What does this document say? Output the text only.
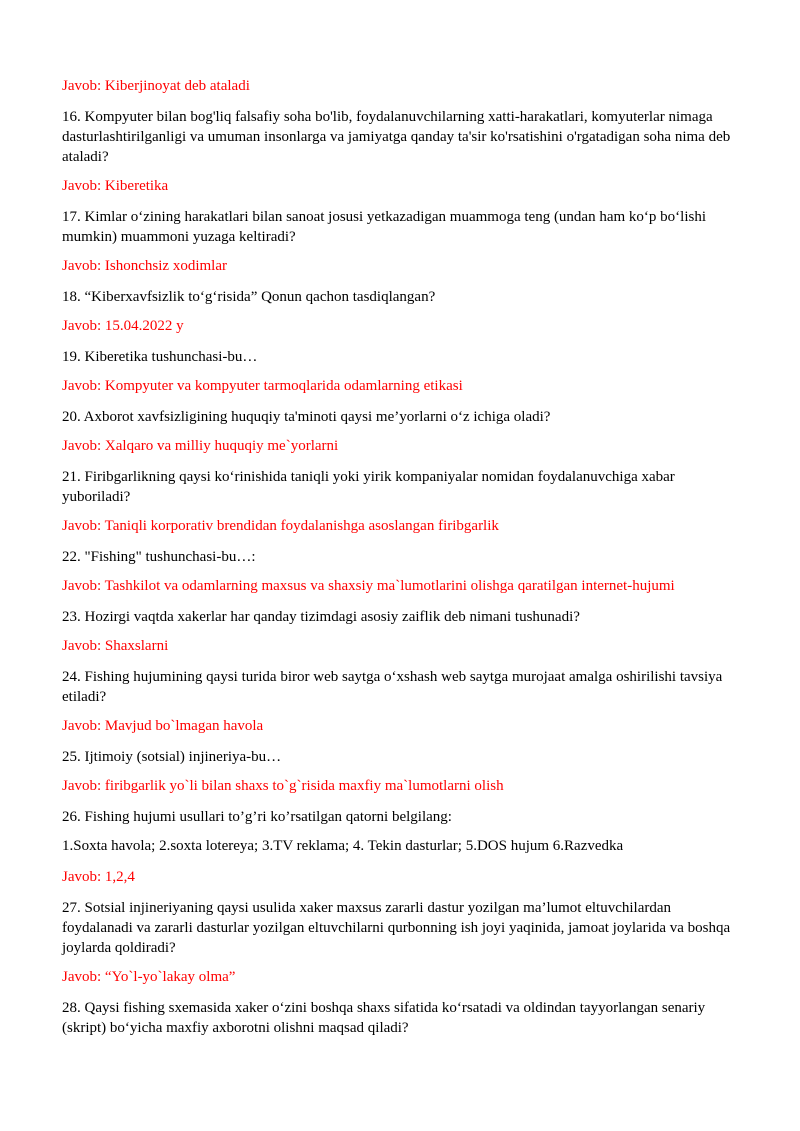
Javob: Kiberjinoyat deb ataladi

16. Kompyuter bilan bog'liq falsafiy soha bo'lib, foydalanuvchilarning xatti-harakatlari, komyuterlar nimaga dasturlashtirilganligi va umuman insonlarga va jamiyatga qanday ta'sir ko'rsatishini o'rgatadigan soha nima deb ataladi?

Javob: Kiberetika

17. Kimlar o‘zining harakatlari bilan sanoat josusi yetkazadigan muammoga teng (undan ham ko‘p bo‘lishi mumkin) muammoni yuzaga keltiradi?

Javob: Ishonchsiz xodimlar

18. “Kiberxavfsizlik to‘g‘risida” Qonun qachon tasdiqlangan?

Javob: 15.04.2022 y

19. Kiberetika tushunchasi-bu…

Javob: Kompyuter va kompyuter tarmoqlarida odamlarning etikasi

20. Axborot xavfsizligining huquqiy ta'minoti qaysi me’yorlarni o‘z ichiga oladi?

Javob: Xalqaro va milliy huquqiy me`yorlarni

21. Firibgarlikning qaysi ko‘rinishida taniqli yoki yirik kompaniyalar nomidan foydalanuvchiga xabar yuboriladi?

Javob: Taniqli korporativ brendidan foydalanishga asoslangan firibgarlik

22. "Fishing" tushunchasi-bu…:

Javob: Tashkilot va odamlarning maxsus va shaxsiy ma`lumotlarini olishga qaratilgan internet-hujumi

23. Hozirgi vaqtda xakerlar har qanday tizimdagi asosiy zaiflik deb nimani tushunadi?

Javob: Shaxslarni

24. Fishing hujumining qaysi turida biror web saytga o‘xshash web saytga murojaat amalga oshirilishi tavsiya etiladi?

Javob: Mavjud bo`lmagan havola

25. Ijtimoiy (sotsial) injineriya-bu…

Javob: firibgarlik yo`li bilan shaxs to`g`risida maxfiy ma`lumotlarni olish

26. Fishing hujumi usullari to’g’ri ko’rsatilgan qatorni belgilang:

1.Soxta havola; 2.soxta lotereya; 3.TV reklama; 4. Tekin dasturlar; 5.DOS hujum 6.Razvedka

Javob: 1,2,4

27. Sotsial injineriyaning qaysi usulida xaker maxsus zararli dastur yozilgan ma’lumot eltuvchilardan foydalanadi va zararli dasturlar yozilgan eltuvchilarni qurbonning ish joyi yaqinida, jamoat joylarida va boshqa joylarda qoldiradi?

Javob: “Yo`l-yo`lakay olma”

28. Qaysi fishing sxemasida xaker o‘zini boshqa shaxs sifatida ko‘rsatadi va oldindan tayyorlangan senariy (skript) bo‘yicha maxfiy axborotni olishni maqsad qiladi?
